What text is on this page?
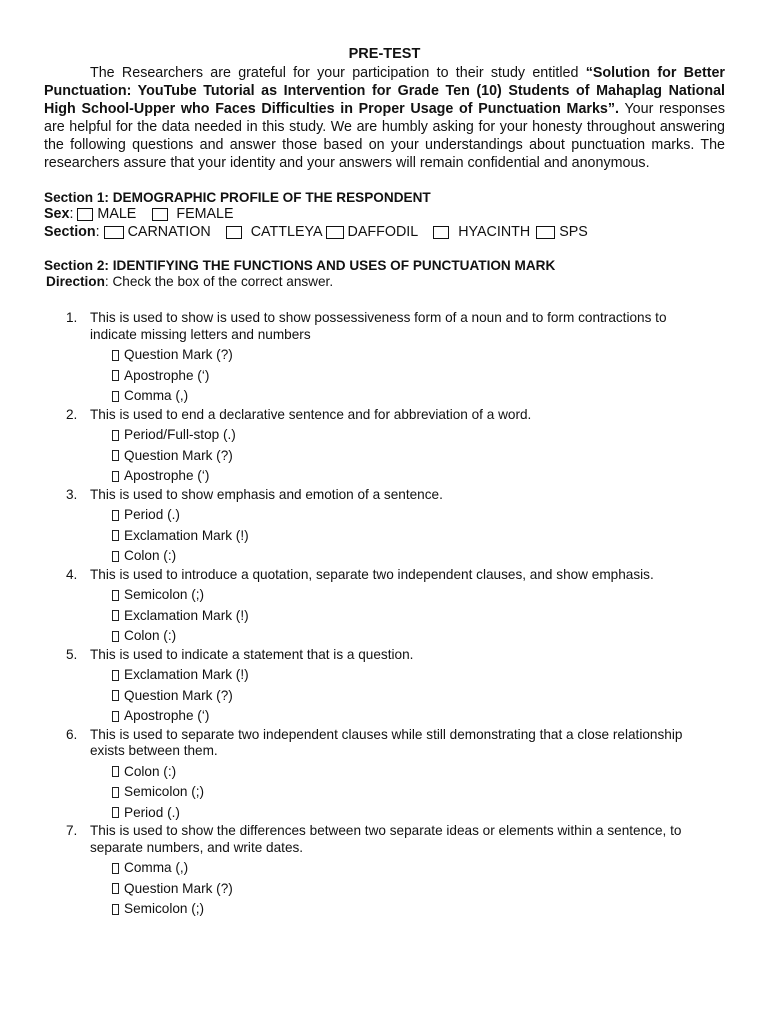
PRE-TEST

The Researchers are grateful for your participation to their study entitled “Solution for Better Punctuation: YouTube Tutorial as Intervention for Grade Ten (10) Students of Mahaplag National High School-Upper who Faces Difficulties in Proper Usage of Punctuation Marks”. Your responses are helpful for the data needed in this study. We are humbly asking for your honesty throughout answering the following questions and answer those based on your understandings about punctuation marks. The researchers assure that your identity and your answers will remain confidential and anonymous.

Section 1: DEMOGRAPHIC PROFILE OF THE RESPONDENT
Sex : MALE	FEMALE
Section : CARNATION	CATTLEYA DAFFODIL	HYACINTH SPS
Section 2: IDENTIFYING THE FUNCTIONS AND USES OF PUNCTUATION MARK
Direction: Check the box of the correct answer.
1. This is used to show is used to show possessiveness form of a noun and to form contractions to indicate missing letters and numbers
Question Mark (?)
Apostrophe (‘)
Comma (,)
2. This is used to end a declarative sentence and for abbreviation of a word.
Period/Full-stop (.)
Question Mark (?)
Apostrophe (‘)
3. This is used to show emphasis and emotion of a sentence.
Period (.)
Exclamation Mark (!)
Colon (:)
4. This is used to introduce a quotation, separate two independent clauses, and show emphasis.
Semicolon (;)
Exclamation Mark (!)
Colon (:)
5. This is used to indicate a statement that is a question.
Exclamation Mark (!)
Question Mark (?)
Apostrophe (‘)
6. This is used to separate two independent clauses while still demonstrating that a close relationship exists between them.
Colon (:)
Semicolon (;)
Period (.)
7. This is used to show the differences between two separate ideas or elements within a sentence, to separate numbers, and write dates.
Comma (,)
Question Mark (?)
Semicolon (;)
